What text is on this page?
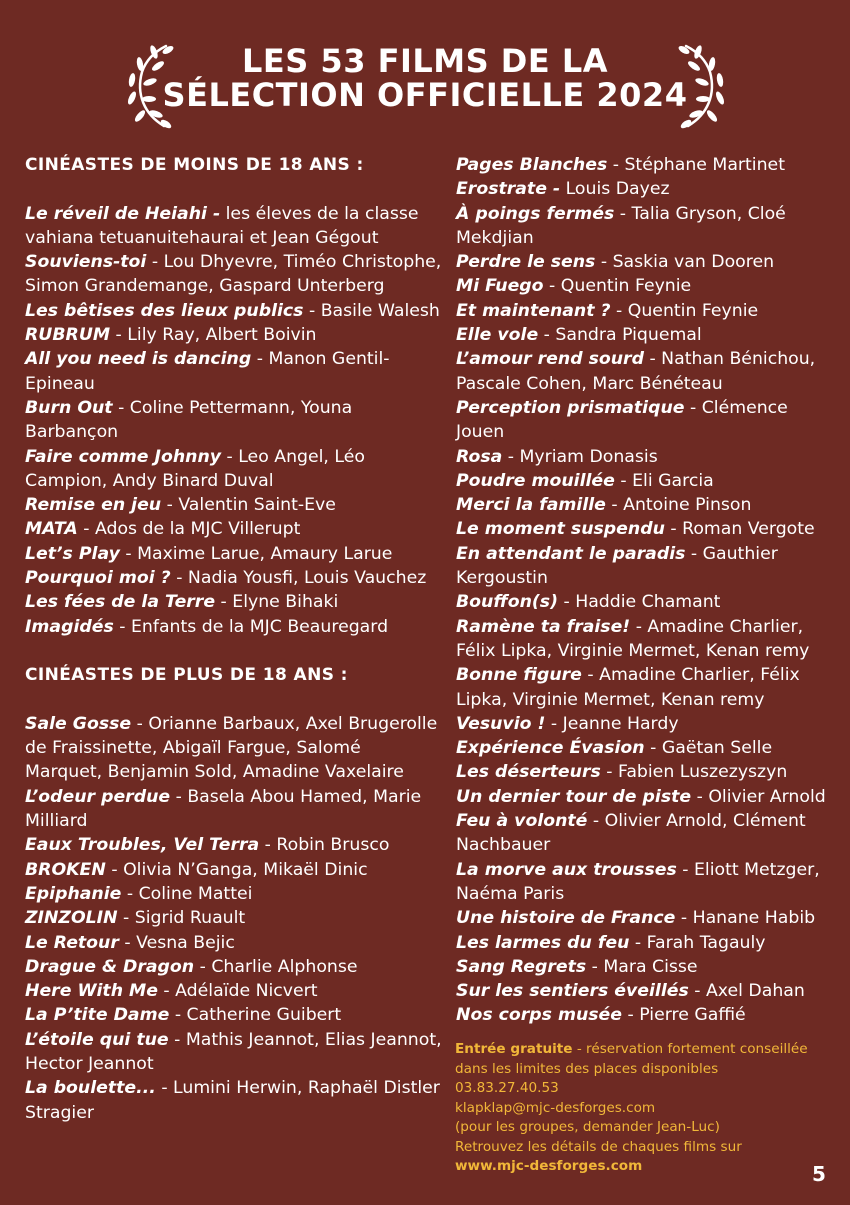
LES 53 FILMS DE LA
SÉLECTION OFFICIELLE 2024
CINÉASTES DE MOINS DE 18 ANS :
Le réveil de Heiahi - les éleves de la classe vahiana tetuanuitehaurai et Jean Gégout
Souviens-toi - Lou Dhyevre, Timéo Christophe, Simon Grandemange, Gaspard Unterberg
Les bêtises des lieux publics - Basile Walesh
RUBRUM - Lily Ray, Albert Boivin
All you need is dancing - Manon Gentil-Epineau
Burn Out - Coline Pettermann, Youna Barbançon
Faire comme Johnny - Leo Angel, Léo Campion, Andy Binard Duval
Remise en jeu - Valentin Saint-Eve
MATA - Ados de la MJC Villerupt
Let’s Play - Maxime Larue, Amaury Larue
Pourquoi moi ? - Nadia Yousfi, Louis Vauchez
Les fées de la Terre - Elyne Bihaki
Imagidés - Enfants de la MJC Beauregard
CINÉASTES DE PLUS DE 18 ANS :
Sale Gosse - Orianne Barbaux, Axel Brugerolle de Fraissinette, Abigaïl Fargue, Salomé Marquet, Benjamin Sold, Amadine Vaxelaire
L’odeur perdue - Basela Abou Hamed, Marie Milliard
Eaux Troubles, Vel Terra - Robin Brusco
BROKEN - Olivia N’Ganga, Mikaël Dinic
Epiphanie - Coline Mattei
ZINZOLIN - Sigrid Ruault
Le Retour - Vesna Bejic
Drague & Dragon - Charlie Alphonse
Here With Me - Adélaïde Nicvert
La P’tite Dame - Catherine Guibert
L’étoile qui tue - Mathis Jeannot, Elias Jeannot, Hector Jeannot
La boulette... - Lumini Herwin, Raphaël Distler Stragier
Pages Blanches - Stéphane Martinet
Erostrate - Louis Dayez
À poings fermés - Talia Gryson, Cloé Mekdjian
Perdre le sens - Saskia van Dooren
Mi Fuego - Quentin Feynie
Et maintenant ? - Quentin Feynie
Elle vole - Sandra Piquemal
L’amour rend sourd - Nathan Bénichou, Pascale Cohen, Marc Bénéteau
Perception prismatique - Clémence Jouen
Rosa - Myriam Donasis
Poudre mouillée - Eli Garcia
Merci la famille - Antoine Pinson
Le moment suspendu - Roman Vergote
En attendant le paradis - Gauthier Kergoustin
Bouffon(s) - Haddie Chamant
Ramène ta fraise! - Amadine Charlier, Félix Lipka, Virginie Mermet, Kenan remy
Bonne figure - Amadine Charlier, Félix Lipka, Virginie Mermet, Kenan remy
Vesuvio ! - Jeanne Hardy
Expérience Évasion - Gaëtan Selle
Les déserteurs - Fabien Luszezyszyn
Un dernier tour de piste - Olivier Arnold
Feu à volonté - Olivier Arnold, Clément Nachbauer
La morve aux trousses - Eliott Metzger, Naéma Paris
Une histoire de France - Hanane Habib
Les larmes du feu - Farah Tagauly
Sang Regrets - Mara Cisse
Sur les sentiers éveillés - Axel Dahan
Nos corps musée - Pierre Gaffié
Entrée gratuite - réservation fortement conseillée dans les limites des places disponibles
03.83.27.40.53
klapklap@mjc-desforges.com
(pour les groupes, demander Jean-Luc)
Retrouvez les détails de chaques films sur
www.mjc-desforges.com	5
